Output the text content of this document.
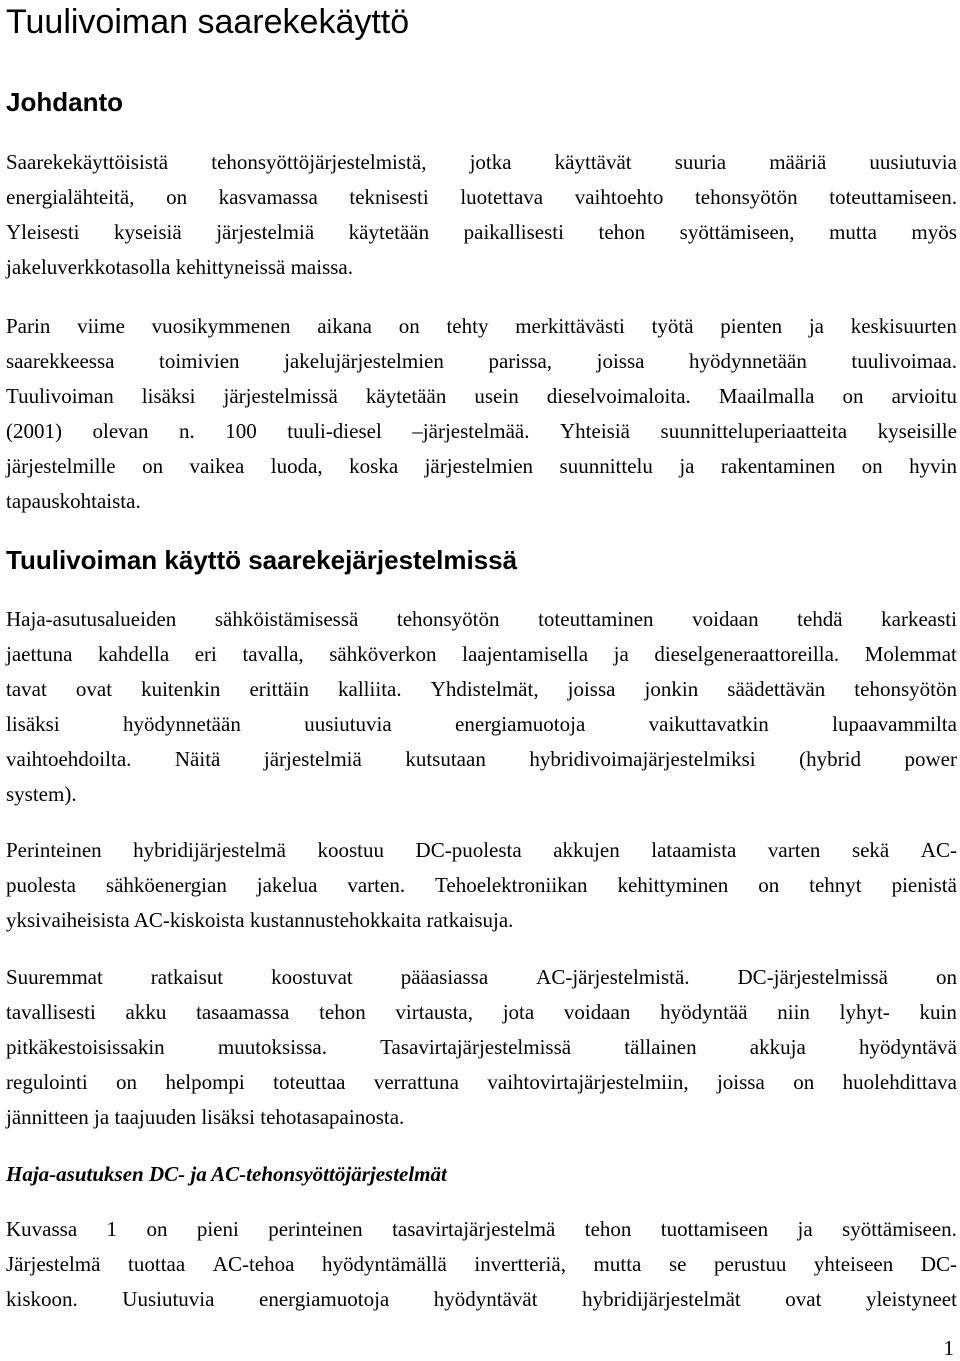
Tuulivoiman saarekekäyttö
Johdanto
Saarekekäyttöisistä tehonsyöttöjärjestelmistä, jotka käyttävät suuria määriä uusiutuvia
energialähteitä, on kasvamassa teknisesti luotettava vaihtoehto tehonsyötön toteuttamiseen.
Yleisesti kyseisiä järjestelmiä käytetään paikallisesti tehon syöttämiseen, mutta myös
jakeluverkkotasolla kehittyneissä maissa.
Parin viime vuosikymmenen aikana on tehty merkittävästi työtä pienten ja keskisuurten
saarekkeessa toimivien jakelujärjestelmien parissa, joissa hyödynnetään tuulivoimaa.
Tuulivoiman lisäksi järjestelmissä käytetään usein dieselvoimaloita. Maailmalla on arvioitu
(2001) olevan n. 100 tuuli-diesel –järjestelmää. Yhteisiä suunnitteluperiaatteita kyseisille
järjestelmille on vaikea luoda, koska järjestelmien suunnittelu ja rakentaminen on hyvin
tapauskohtaista.
Tuulivoiman käyttö saarekejärjestelmissä
Haja-asutusalueiden sähköistämisessä tehonsyötön toteuttaminen voidaan tehdä karkeasti
jaettuna kahdella eri tavalla, sähköverkon laajentamisella ja dieselgeneraattoreilla. Molemmat
tavat ovat kuitenkin erittäin kalliita. Yhdistelmät, joissa jonkin säädettävän tehonsyötön
lisäksi	hyödynnetään	uusiutuvia	energiamuotoja	vaikuttavatkin	lupaavammilta
vaihtoehdoilta. Näitä järjestelmiä kutsutaan hybridivoimajärjestelmiksi (hybrid power
system).
Perinteinen hybridijärjestelmä koostuu DC-puolesta akkujen lataamista varten sekä AC-
puolesta sähköenergian jakelua varten. Tehoelektroniikan kehittyminen on tehnyt pienistä
yksivaiheisista AC-kiskoista kustannustehokkaita ratkaisuja.
Suuremmat ratkaisut koostuvat pääasiassa AC-järjestelmistä. DC-järjestelmissä on
tavallisesti akku tasaamassa tehon virtausta, jota voidaan hyödyntää niin lyhyt- kuin
pitkäkestoisissakin	muutoksissa.	Tasavirtajärjestelmissä	tällainen	akkuja	hyödyntävä
regulointi on helpompi toteuttaa verrattuna vaihtovirtajärjestelmiin, joissa on huolehdittava
jännitteen ja taajuuden lisäksi tehotasapainosta.
Haja-asutuksen DC- ja AC-tehonsyöttöjärjestelmät
Kuvassa 1 on pieni perinteinen tasavirtajärjestelmä tehon tuottamiseen ja syöttämiseen.
Järjestelmä tuottaa AC-tehoa hyödyntämällä invertteriä, mutta se perustuu yhteiseen DC-
kiskoon. Uusiutuvia energiamuotoja hyödyntävät hybridijärjestelmät ovat yleistyneet
1
